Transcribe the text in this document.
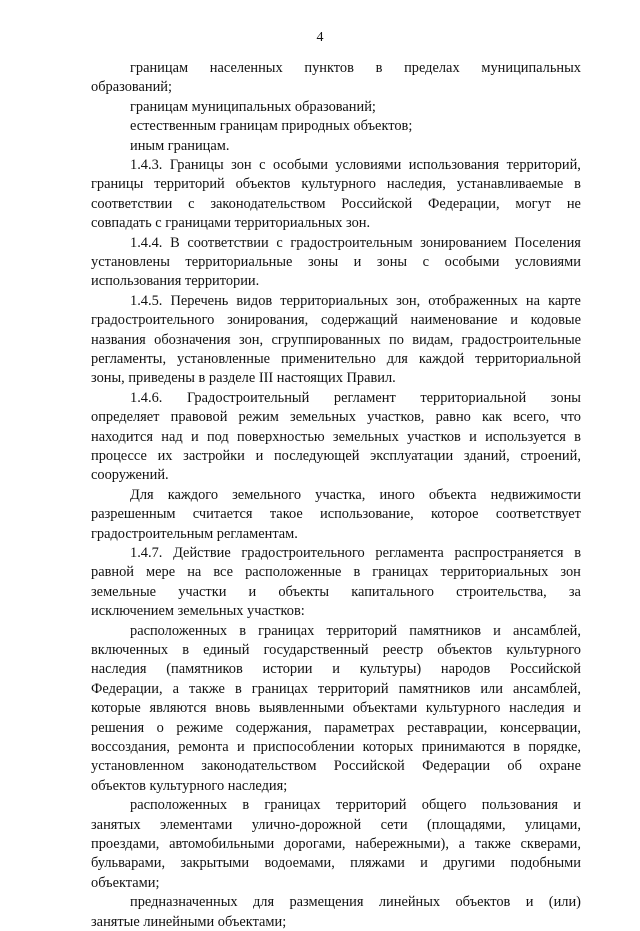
4
границам населенных пунктов в пределах муниципальных
образований;
границам муниципальных образований;
естественным границам природных объектов;
иным границам.
1.4.3. Границы зон с особыми условиями использования территорий,
границы территорий объектов культурного наследия, устанавливаемые в
соответствии с законодательством Российской Федерации, могут не
совпадать с границами территориальных зон.
1.4.4. В соответствии с градостроительным зонированием Поселения
установлены территориальные зоны и зоны с особыми условиями
использования территории.
1.4.5. Перечень видов территориальных зон, отображенных на карте
градостроительного зонирования, содержащий наименование и кодовые
названия обозначения зон, сгруппированных по видам, градостроительные
регламенты, установленные применительно для каждой территориальной
зоны, приведены в разделе III настоящих Правил.
1.4.6. Градостроительный регламент территориальной зоны
определяет правовой режим земельных участков, равно как всего, что
находится над и под поверхностью земельных участков и используется в
процессе их застройки и последующей эксплуатации зданий, строений,
сооружений.
Для каждого земельного участка, иного объекта недвижимости
разрешенным считается такое использование, которое соответствует
градостроительным регламентам.
1.4.7. Действие градостроительного регламента распространяется в
равной мере на все расположенные в границах территориальных зон
земельные участки и объекты капитального строительства, за
исключением земельных участков:
расположенных в границах территорий памятников и ансамблей,
включенных в единый государственный реестр объектов культурного
наследия (памятников истории и культуры) народов Российской
Федерации, а также в границах территорий памятников или ансамблей,
которые являются вновь выявленными объектами культурного наследия и
решения о режиме содержания, параметрах реставрации, консервации,
воссоздания, ремонта и приспособлении которых принимаются в порядке,
установленном законодательством Российской Федерации об охране
объектов культурного наследия;
расположенных в границах территорий общего пользования и
занятых элементами улично-дорожной сети (площадями, улицами,
проездами, автомобильными дорогами, набережными), а также скверами,
бульварами, закрытыми водоемами, пляжами и другими подобными
объектами;
предназначенных для размещения линейных объектов и (или)
занятые линейными объектами;
